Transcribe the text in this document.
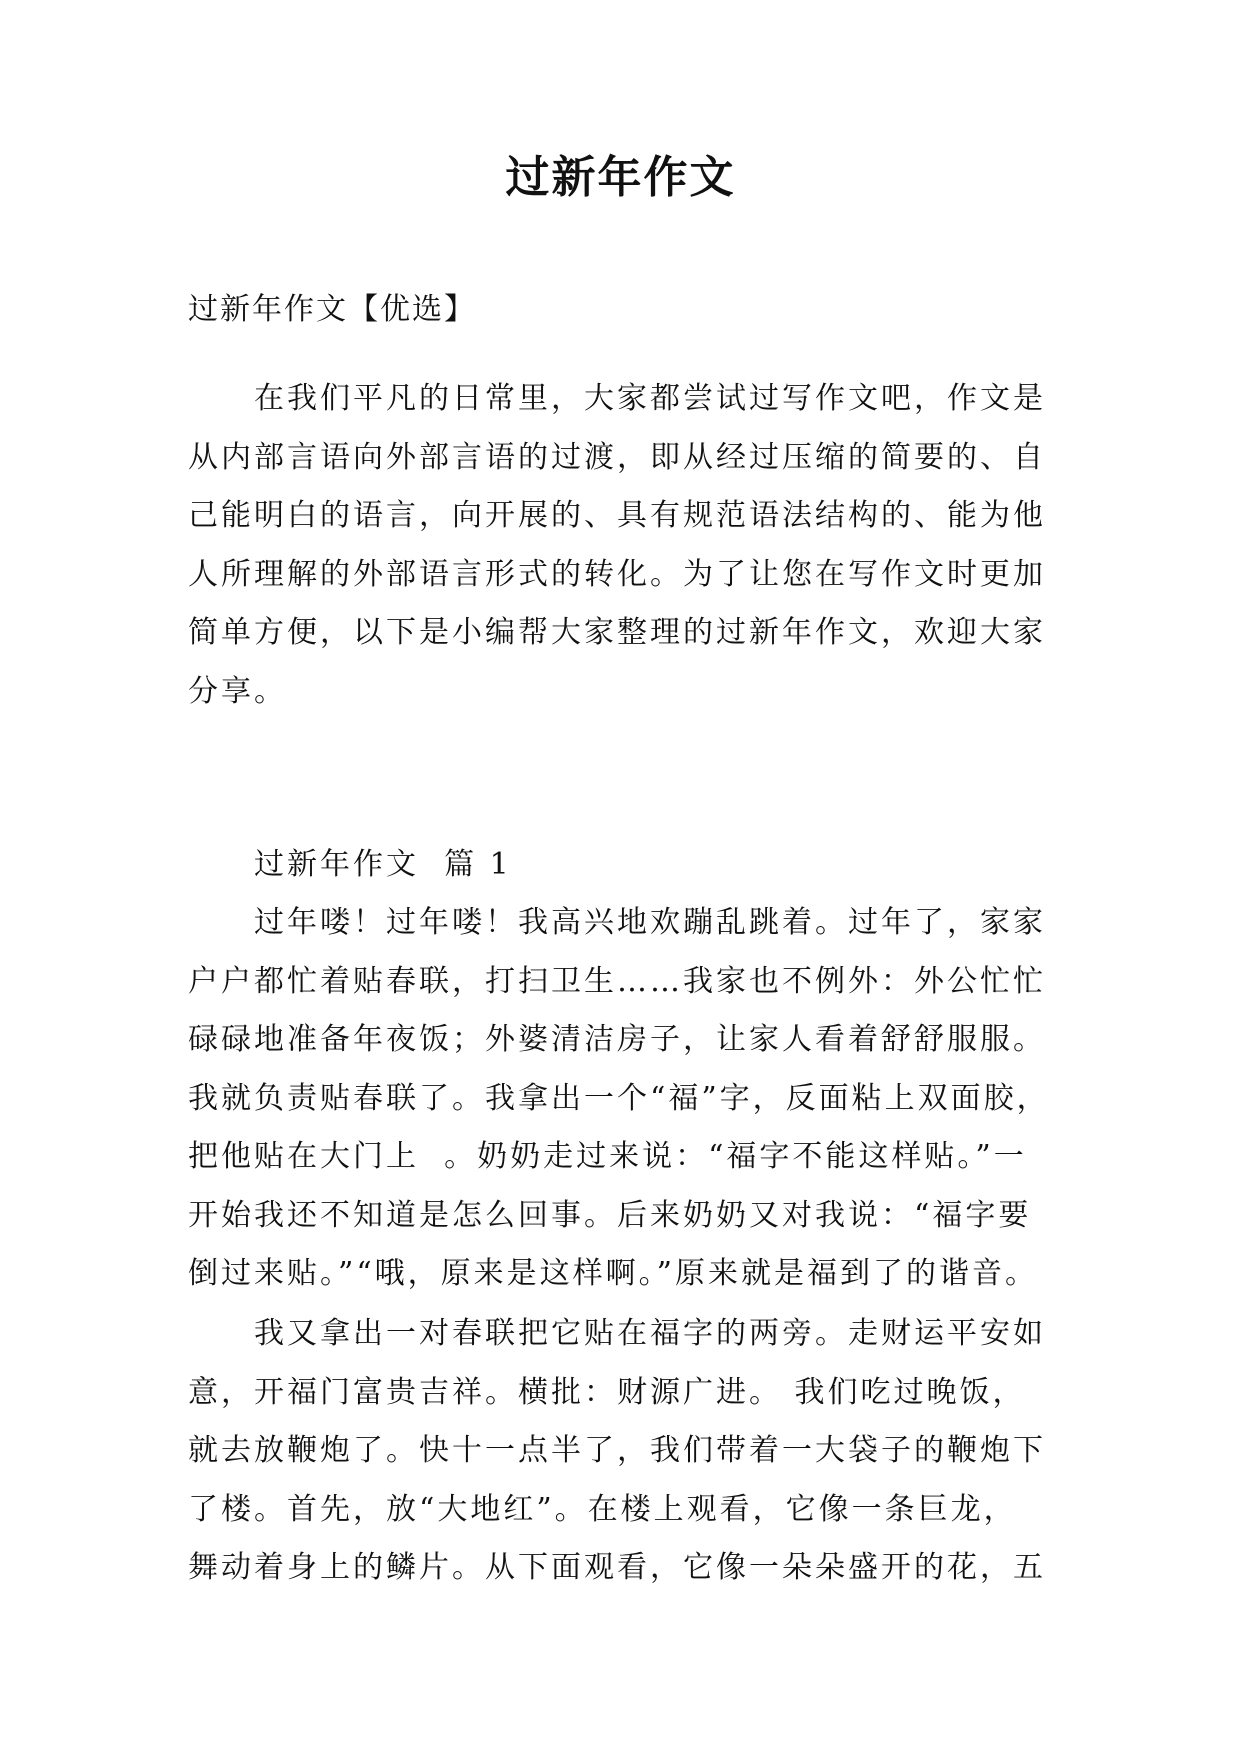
过新年作文
过新年作文【优选】
在我们平凡的日常里，大家都尝试过写作文吧，作文是
从内部言语向外部言语的过渡，即从经过压缩的简要的、自
己能明白的语言，向开展的、具有规范语法结构的、能为他
人所理解的外部语言形式的转化。为了让您在写作文时更加
简单方便，以下是小编帮大家整理的过新年作文，欢迎大家
分享。
过新年作文  篇 1
过年喽！过年喽！我高兴地欢蹦乱跳着。过年了，家家
户户都忙着贴春联，打扫卫生……我家也不例外：外公忙忙
碌碌地准备年夜饭；外婆清洁房子，让家人看着舒舒服服。
我就负责贴春联了。我拿出一个“福”字，反面粘上双面胶，
把他贴在大门上  。奶奶走过来说：“福字不能这样贴。”一
开始我还不知道是怎么回事。后来奶奶又对我说：“福字要
倒过来贴。”“哦，原来是这样啊。”原来就是福到了的谐音。
我又拿出一对春联把它贴在福字的两旁。走财运平安如
意，开福门富贵吉祥。横批：财源广进。 我们吃过晚饭，
就去放鞭炮了。快十一点半了，我们带着一大袋子的鞭炮下
了楼。首先，放“大地红”。在楼上观看，它像一条巨龙，
舞动着身上的鳞片。从下面观看，它像一朵朵盛开的花，五
